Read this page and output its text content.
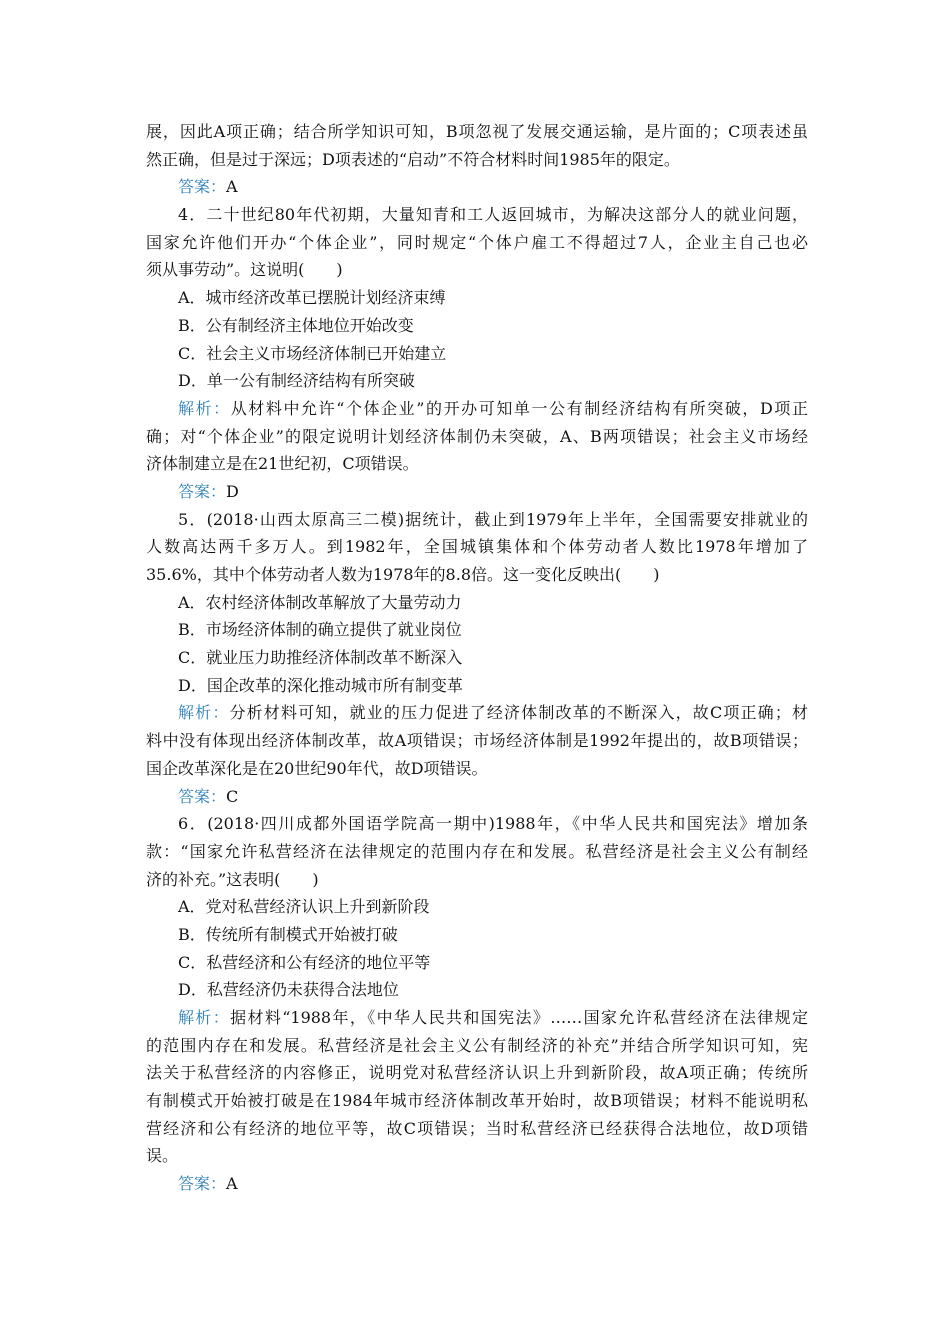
展，因此A项正确；结合所学知识可知，B项忽视了发展交通运输，是片面的；C项表述虽
然正确，但是过于深远；D项表述的“启动”不符合材料时间1985年的限定。
答案：A
4．二十世纪80年代初期，大量知青和工人返回城市，为解决这部分人的就业问题，
国家允许他们开办“个体企业”，同时规定“个体户雇工不得超过7人，企业主自己也必
须从事劳动”。这说明(　　)
A．城市经济改革已摆脱计划经济束缚
B．公有制经济主体地位开始改变
C．社会主义市场经济体制已开始建立
D．单一公有制经济结构有所突破
解析：从材料中允许“个体企业”的开办可知单一公有制经济结构有所突破，D项正
确；对“个体企业”的限定说明计划经济体制仍未突破，A、B两项错误；社会主义市场经
济体制建立是在21世纪初，C项错误。
答案：D
5．(2018·山西太原高三二模)据统计，截止到1979年上半年，全国需要安排就业的
人数高达两千多万人。到1982年，全国城镇集体和个体劳动者人数比1978年增加了
35.6%，其中个体劳动者人数为1978年的8.8倍。这一变化反映出(　　)
A．农村经济体制改革解放了大量劳动力
B．市场经济体制的确立提供了就业岗位
C．就业压力助推经济体制改革不断深入
D．国企改革的深化推动城市所有制变革
解析：分析材料可知，就业的压力促进了经济体制改革的不断深入，故C项正确；材
料中没有体现出经济体制改革，故A项错误；市场经济体制是1992年提出的，故B项错误；
国企改革深化是在20世纪90年代，故D项错误。
答案：C
6．(2018·四川成都外国语学院高一期中)1988年，《中华人民共和国宪法》增加条
款：“国家允许私营经济在法律规定的范围内存在和发展。私营经济是社会主义公有制经
济的补充。”这表明(　　)
A．党对私营经济认识上升到新阶段
B．传统所有制模式开始被打破
C．私营经济和公有经济的地位平等
D．私营经济仍未获得合法地位
解析：据材料“1988年，《中华人民共和国宪法》……国家允许私营经济在法律规定
的范围内存在和发展。私营经济是社会主义公有制经济的补充”并结合所学知识可知，宪
法关于私营经济的内容修正，说明党对私营经济认识上升到新阶段，故A项正确；传统所
有制模式开始被打破是在1984年城市经济体制改革开始时，故B项错误；材料不能说明私
营经济和公有经济的地位平等，故C项错误；当时私营经济已经获得合法地位，故D项错
误。
答案：A
